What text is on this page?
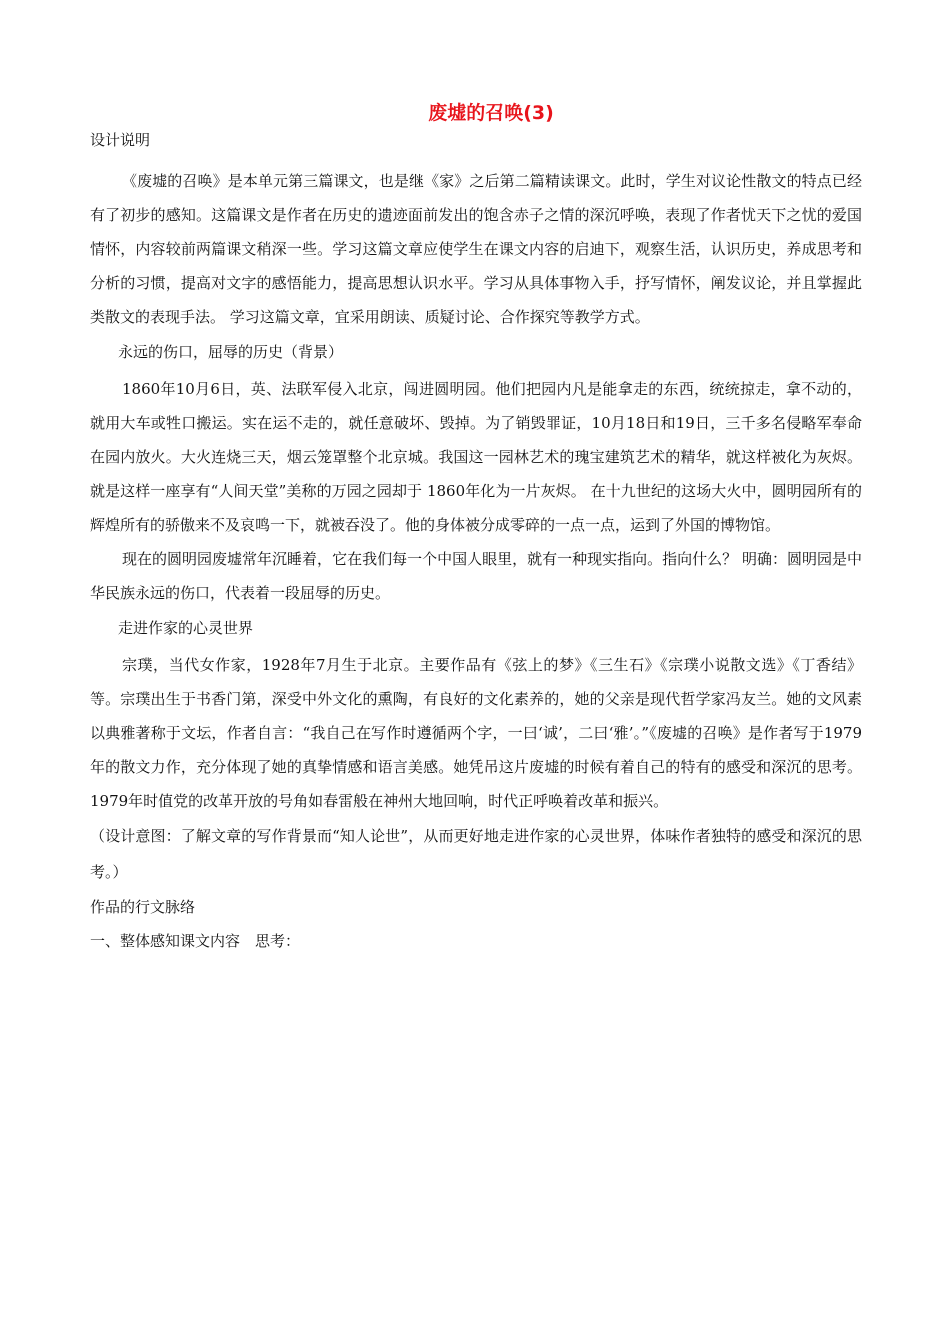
废墟的召唤(3)

设计说明

《废墟的召唤》是本单元第三篇课文，也是继《家》之后第二篇精读课文。此时，学生对议论性散文的特点已经有了初步的感知。这篇课文是作者在历史的遗迹面前发出的饱含赤子之情的深沉呼唤，表现了作者忧天下之忧的爱国情怀，内容较前两篇课文稍深一些。学习这篇文章应使学生在课文内容的启迪下，观察生活，认识历史，养成思考和分析的习惯，提高对文字的感悟能力，提高思想认识水平。学习从具体事物入手，抒写情怀，阐发议论，并且掌握此类散文的表现手法。 学习这篇文章，宜采用朗读、质疑讨论、合作探究等教学方式。

永远的伤口，屈辱的历史（背景）

1860年10月6日，英、法联军侵入北京，闯进圆明园。他们把园内凡是能拿走的东西，统统掠走，拿不动的，就用大车或牲口搬运。实在运不走的，就任意破坏、毁掉。为了销毁罪证，10月18日和19日，三千多名侵略军奉命在园内放火。大火连烧三天，烟云笼罩整个北京城。我国这一园林艺术的瑰宝建筑艺术的精华，就这样被化为灰烬。 就是这样一座享有“人间天堂”美称的万园之园却于 1860年化为一片灰烬。 在十九世纪的这场大火中，圆明园所有的辉煌所有的骄傲来不及哀鸣一下，就被吞没了。他的身体被分成零碎的一点一点，运到了外国的博物馆。

现在的圆明园废墟常年沉睡着，它在我们每一个中国人眼里，就有一种现实指向。指向什么？ 明确：圆明园是中华民族永远的伤口，代表着一段屈辱的历史。

走进作家的心灵世界

宗璞，当代女作家，1928年7月生于北京。主要作品有《弦上的梦》《三生石》《宗璞小说散文选》《丁香结》等。宗璞出生于书香门第，深受中外文化的熏陶，有良好的文化素养的，她的父亲是现代哲学家冯友兰。她的文风素以典雅著称于文坛，作者自言：“我自己在写作时遵循两个字，一曰‘诚’，二曰‘雅’。”《废墟的召唤》是作者写于1979年的散文力作，充分体现了她的真挚情感和语言美感。她凭吊这片废墟的时候有着自己的特有的感受和深沉的思考。1979年时值党的改革开放的号角如春雷般在神州大地回响，时代正呼唤着改革和振兴。

（设计意图：了解文章的写作背景而“知人论世”，从而更好地走进作家的心灵世界，体味作者独特的感受和深沉的思考。）

作品的行文脉络

一、整体感知课文内容　思考：
